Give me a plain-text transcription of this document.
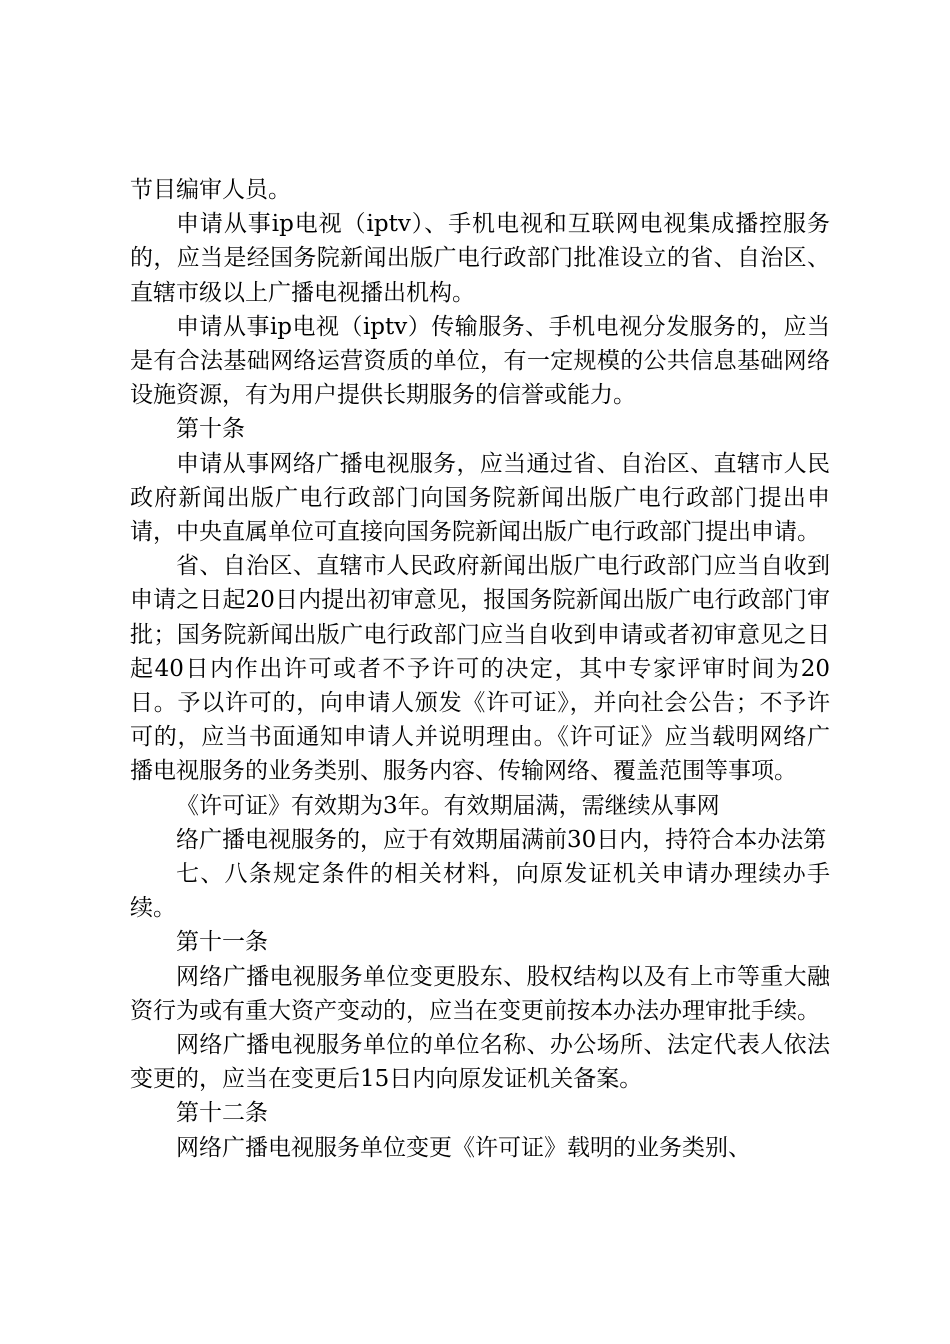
节目编审人员。

申请从事ip电视（iptv）、手机电视和互联网电视集成播控服务的，应当是经国务院新闻出版广电行政部门批准设立的省、自治区、直辖市级以上广播电视播出机构。

申请从事ip电视（iptv）传输服务、手机电视分发服务的，应当是有合法基础网络运营资质的单位，有一定规模的公共信息基础网络设施资源，有为用户提供长期服务的信誉或能力。

第十条

申请从事网络广播电视服务，应当通过省、自治区、直辖市人民政府新闻出版广电行政部门向国务院新闻出版广电行政部门提出申请，中央直属单位可直接向国务院新闻出版广电行政部门提出申请。

省、自治区、直辖市人民政府新闻出版广电行政部门应当自收到申请之日起20日内提出初审意见，报国务院新闻出版广电行政部门审批；国务院新闻出版广电行政部门应当自收到申请或者初审意见之日起40日内作出许可或者不予许可的决定，其中专家评审时间为20日。予以许可的，向申请人颁发《许可证》，并向社会公告；不予许可的，应当书面通知申请人并说明理由。《许可证》应当载明网络广播电视服务的业务类别、服务内容、传输网络、覆盖范围等事项。

《许可证》有效期为3年。有效期届满，需继续从事网

络广播电视服务的，应于有效期届满前30日内，持符合本办法第

七、八条规定条件的相关材料，向原发证机关申请办理续办手续。

第十一条

网络广播电视服务单位变更股东、股权结构以及有上市等重大融资行为或有重大资产变动的，应当在变更前按本办法办理审批手续。

网络广播电视服务单位的单位名称、办公场所、法定代表人依法变更的，应当在变更后15日内向原发证机关备案。

第十二条

网络广播电视服务单位变更《许可证》载明的业务类别、
